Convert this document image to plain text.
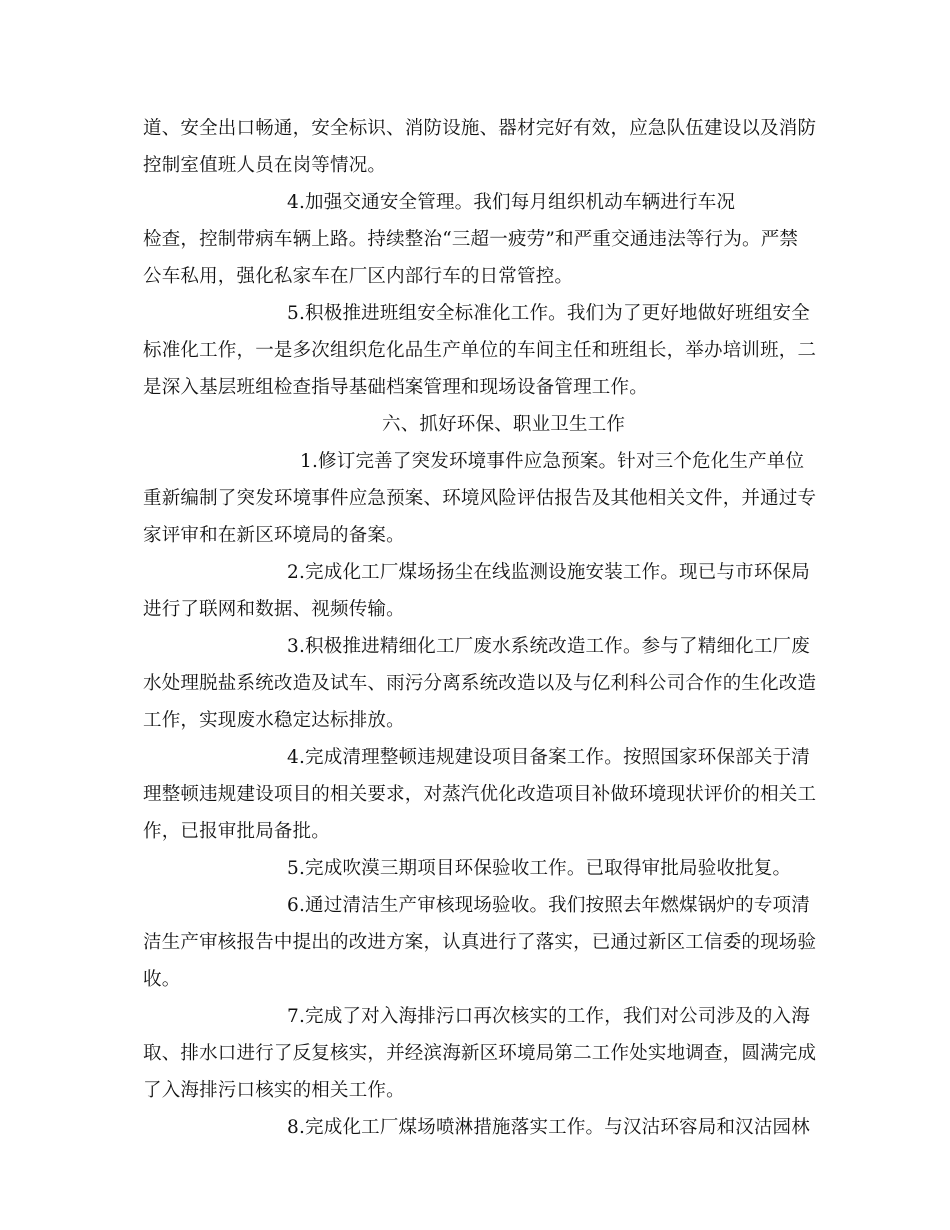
道、安全出口畅通，安全标识、消防设施、器材完好有效，应急队伍建设以及消防
控制室值班人员在岗等情况。
4.加强交通安全管理。我们每月组织机动车辆进行车况
检查，控制带病车辆上路。持续整治“三超一疲劳”和严重交通违法等行为。严禁
公车私用，强化私家车在厂区内部行车的日常管控。
5.积极推进班组安全标准化工作。我们为了更好地做好班组安全
标准化工作，一是多次组织危化品生产单位的车间主任和班组长，举办培训班，二
是深入基层班组检查指导基础档案管理和现场设备管理工作。
六、抓好环保、职业卫生工作
1.修订完善了突发环境事件应急预案。针对三个危化生产单位
重新编制了突发环境事件应急预案、环境风险评估报告及其他相关文件，并通过专
家评审和在新区环境局的备案。
2.完成化工厂煤场扬尘在线监测设施安装工作。现已与市环保局
进行了联网和数据、视频传输。
3.积极推进精细化工厂废水系统改造工作。参与了精细化工厂废
水处理脱盐系统改造及试车、雨污分离系统改造以及与亿利科公司合作的生化改造
工作，实现废水稳定达标排放。
4.完成清理整顿违规建设项目备案工作。按照国家环保部关于清
理整顿违规建设项目的相关要求，对蒸汽优化改造项目补做环境现状评价的相关工
作，已报审批局备批。
5.完成吹漠三期项目环保验收工作。已取得审批局验收批复。
6.通过清洁生产审核现场验收。我们按照去年燃煤锅炉的专项清
洁生产审核报告中提出的改进方案，认真进行了落实，已通过新区工信委的现场验
收。
7.完成了对入海排污口再次核实的工作，我们对公司涉及的入海
取、排水口进行了反复核实，并经滨海新区环境局第二工作处实地调查，圆满完成
了入海排污口核实的相关工作。
8.完成化工厂煤场喷淋措施落实工作。与汉沽环容局和汉沽园林
